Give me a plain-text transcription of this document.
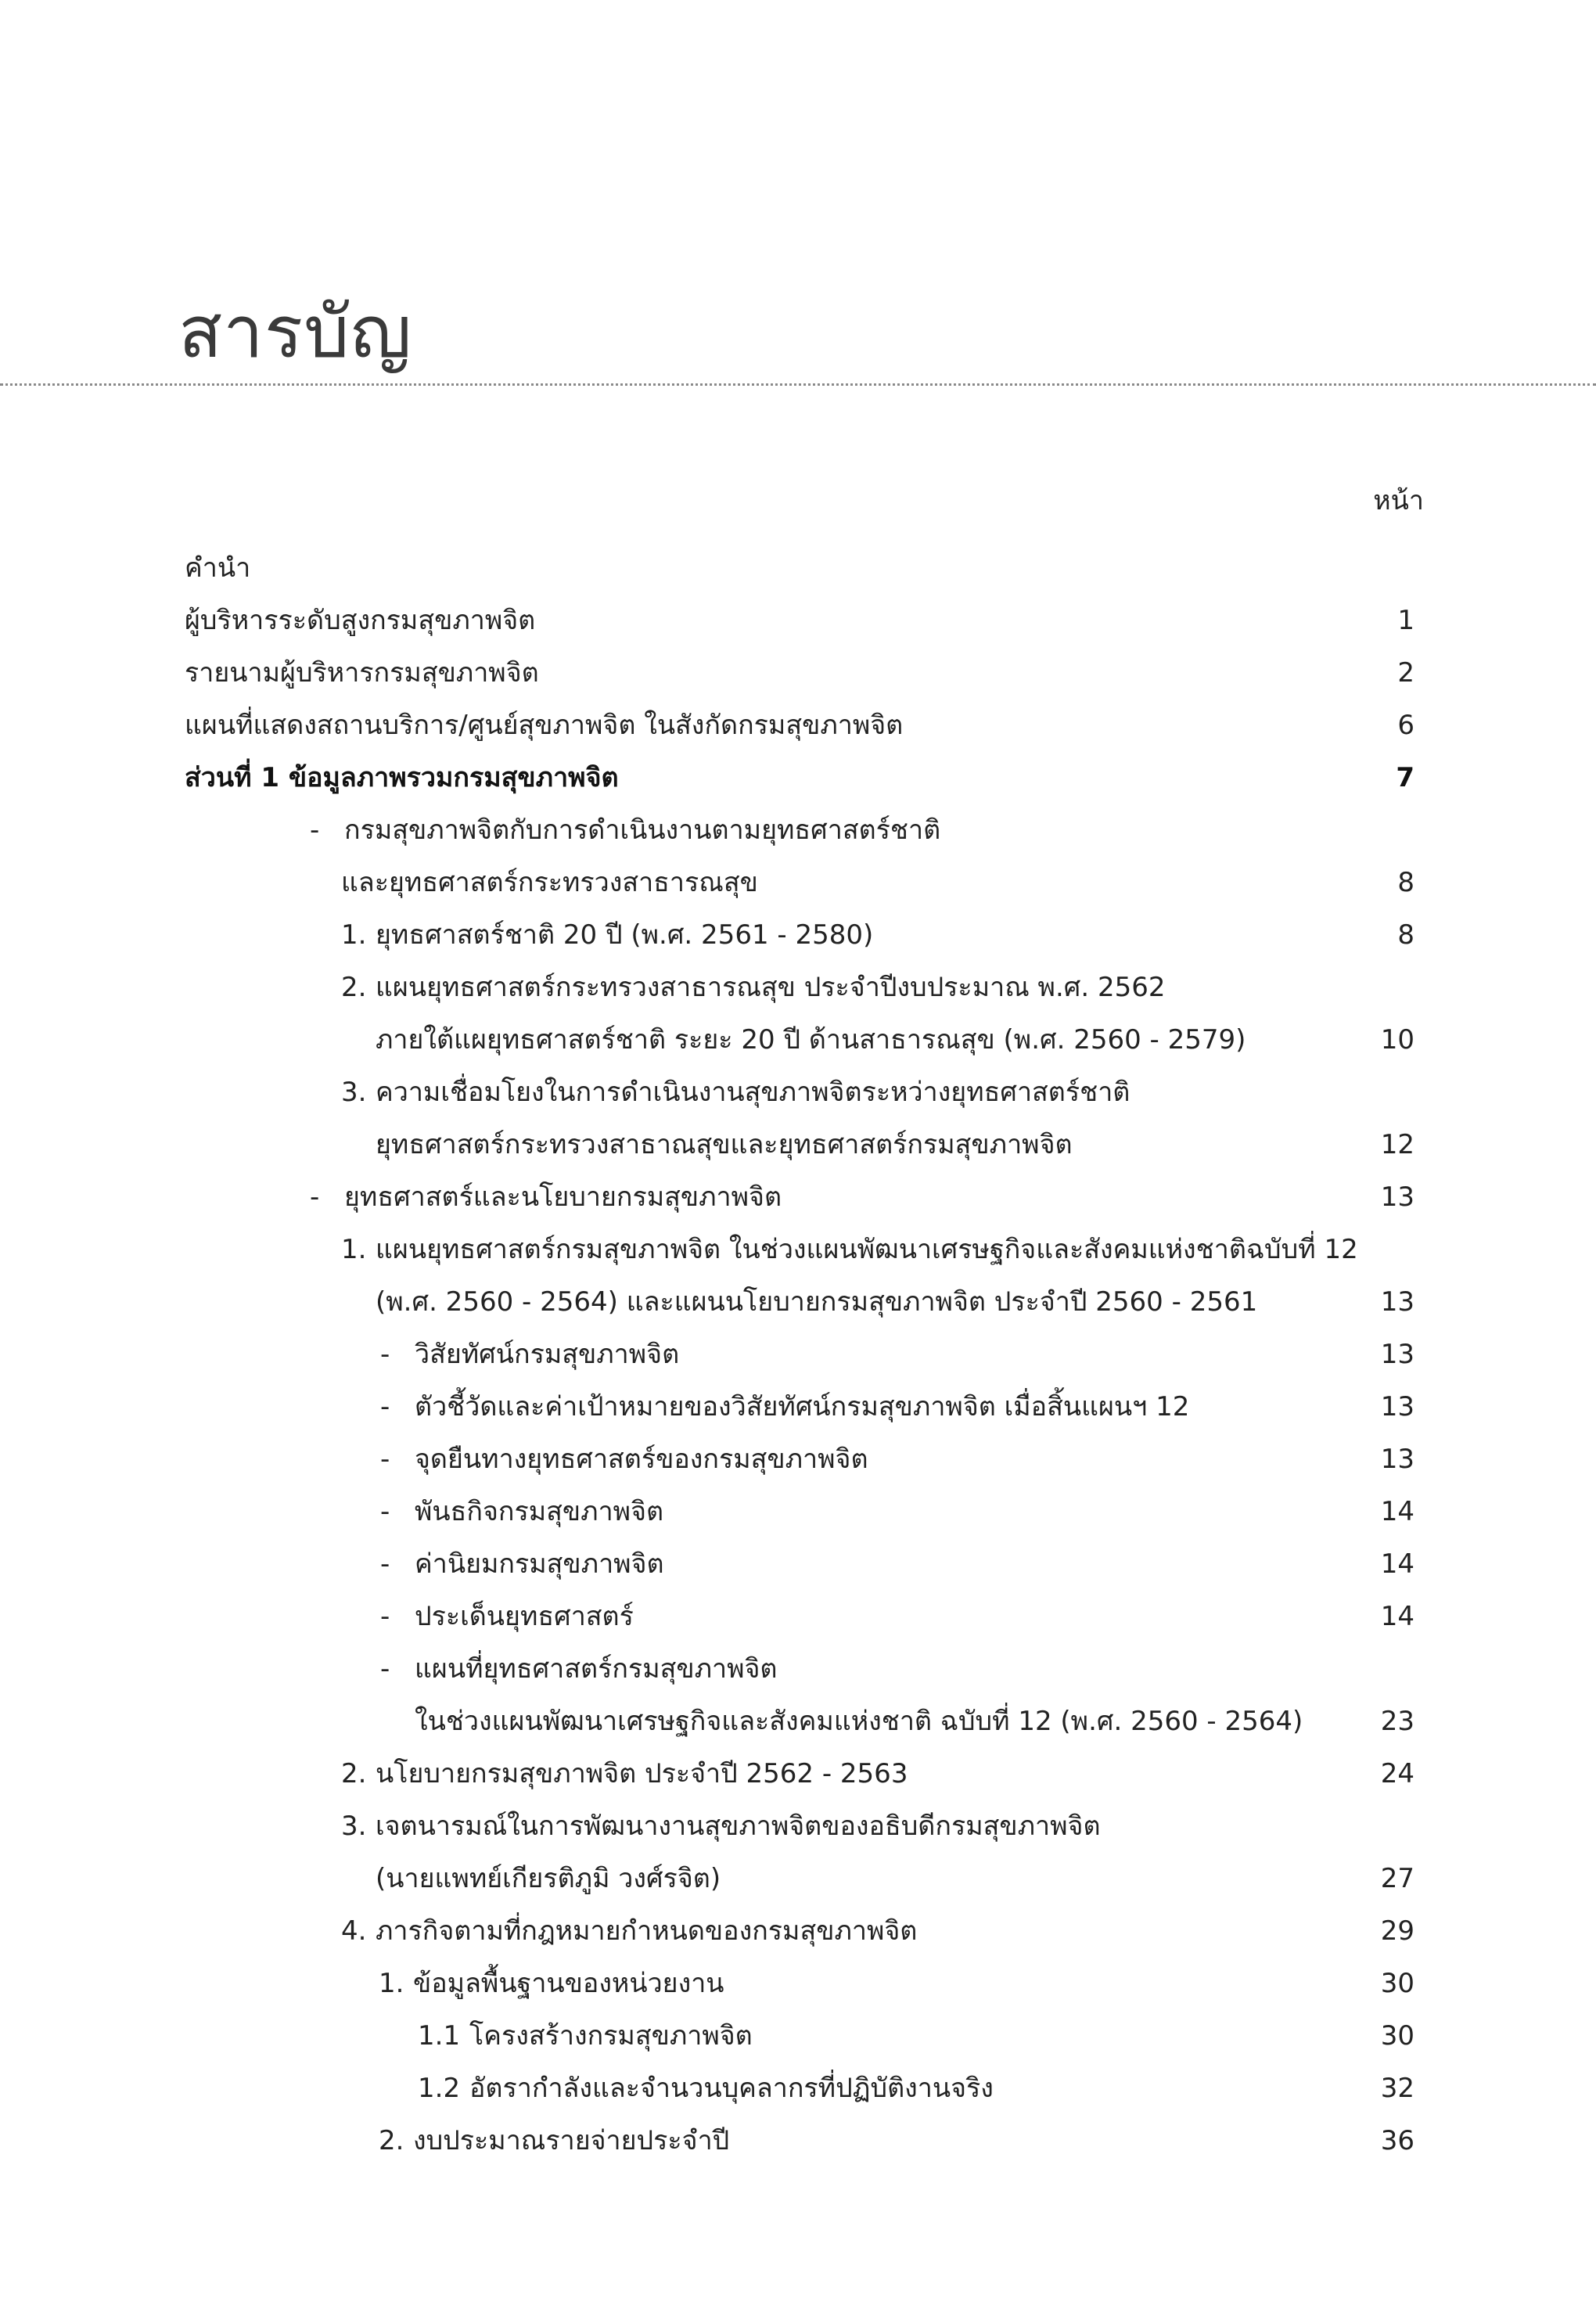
สารบัญ
หน้า
คำนำ
ผู้บริหารระดับสูงกรมสุขภาพจิต	1
รายนามผู้บริหารกรมสุขภาพจิต	2
แผนที่แสดงสถานบริการ/ศูนย์สุขภาพจิต ในสังกัดกรมสุขภาพจิต	6
ส่วนที่ 1 ข้อมูลภาพรวมกรมสุขภาพจิต	7
- กรมสุขภาพจิตกับการดำเนินงานตามยุทธศาสตร์ชาติ
และยุทธศาสตร์กระทรวงสาธารณสุข	8
1. ยุทธศาสตร์ชาติ 20 ปี (พ.ศ. 2561 - 2580)	8
2. แผนยุทธศาสตร์กระทรวงสาธารณสุข ประจำปีงบประมาณ พ.ศ. 2562
ภายใต้แผยุทธศาสตร์ชาติ ระยะ 20 ปี ด้านสาธารณสุข (พ.ศ. 2560 - 2579)	10
3. ความเชื่อมโยงในการดำเนินงานสุขภาพจิตระหว่างยุทธศาสตร์ชาติ
ยุทธศาสตร์กระทรวงสาธาณสุขและยุทธศาสตร์กรมสุขภาพจิต	12
- ยุทธศาสตร์และนโยบายกรมสุขภาพจิต	13
1. แผนยุทธศาสตร์กรมสุขภาพจิต ในช่วงแผนพัฒนาเศรษฐกิจและสังคมแห่งชาติฉบับที่ 12
(พ.ศ. 2560 - 2564) และแผนนโยบายกรมสุขภาพจิต ประจำปี 2560 - 2561	13
- วิสัยทัศน์กรมสุขภาพจิต	13
- ตัวชี้วัดและค่าเป้าหมายของวิสัยทัศน์กรมสุขภาพจิต เมื่อสิ้นแผนฯ 12	13
- จุดยืนทางยุทธศาสตร์ของกรมสุขภาพจิต	13
- พันธกิจกรมสุขภาพจิต	14
- ค่านิยมกรมสุขภาพจิต	14
- ประเด็นยุทธศาสตร์	14
- แผนที่ยุทธศาสตร์กรมสุขภาพจิต
ในช่วงแผนพัฒนาเศรษฐกิจและสังคมแห่งชาติ ฉบับที่ 12 (พ.ศ. 2560 - 2564)	23
2. นโยบายกรมสุขภาพจิต ประจำปี 2562 - 2563	24
3. เจตนารมณ์ในการพัฒนางานสุขภาพจิตของอธิบดีกรมสุขภาพจิต
(นายแพทย์เกียรติภูมิ วงศ์รจิต)	27
4. ภารกิจตามที่กฎหมายกำหนดของกรมสุขภาพจิต	29
1. ข้อมูลพื้นฐานของหน่วยงาน	30
1.1 โครงสร้างกรมสุขภาพจิต	30
1.2 อัตรากำลังและจำนวนบุคลากรที่ปฏิบัติงานจริง	32
2. งบประมาณรายจ่ายประจำปี	36
